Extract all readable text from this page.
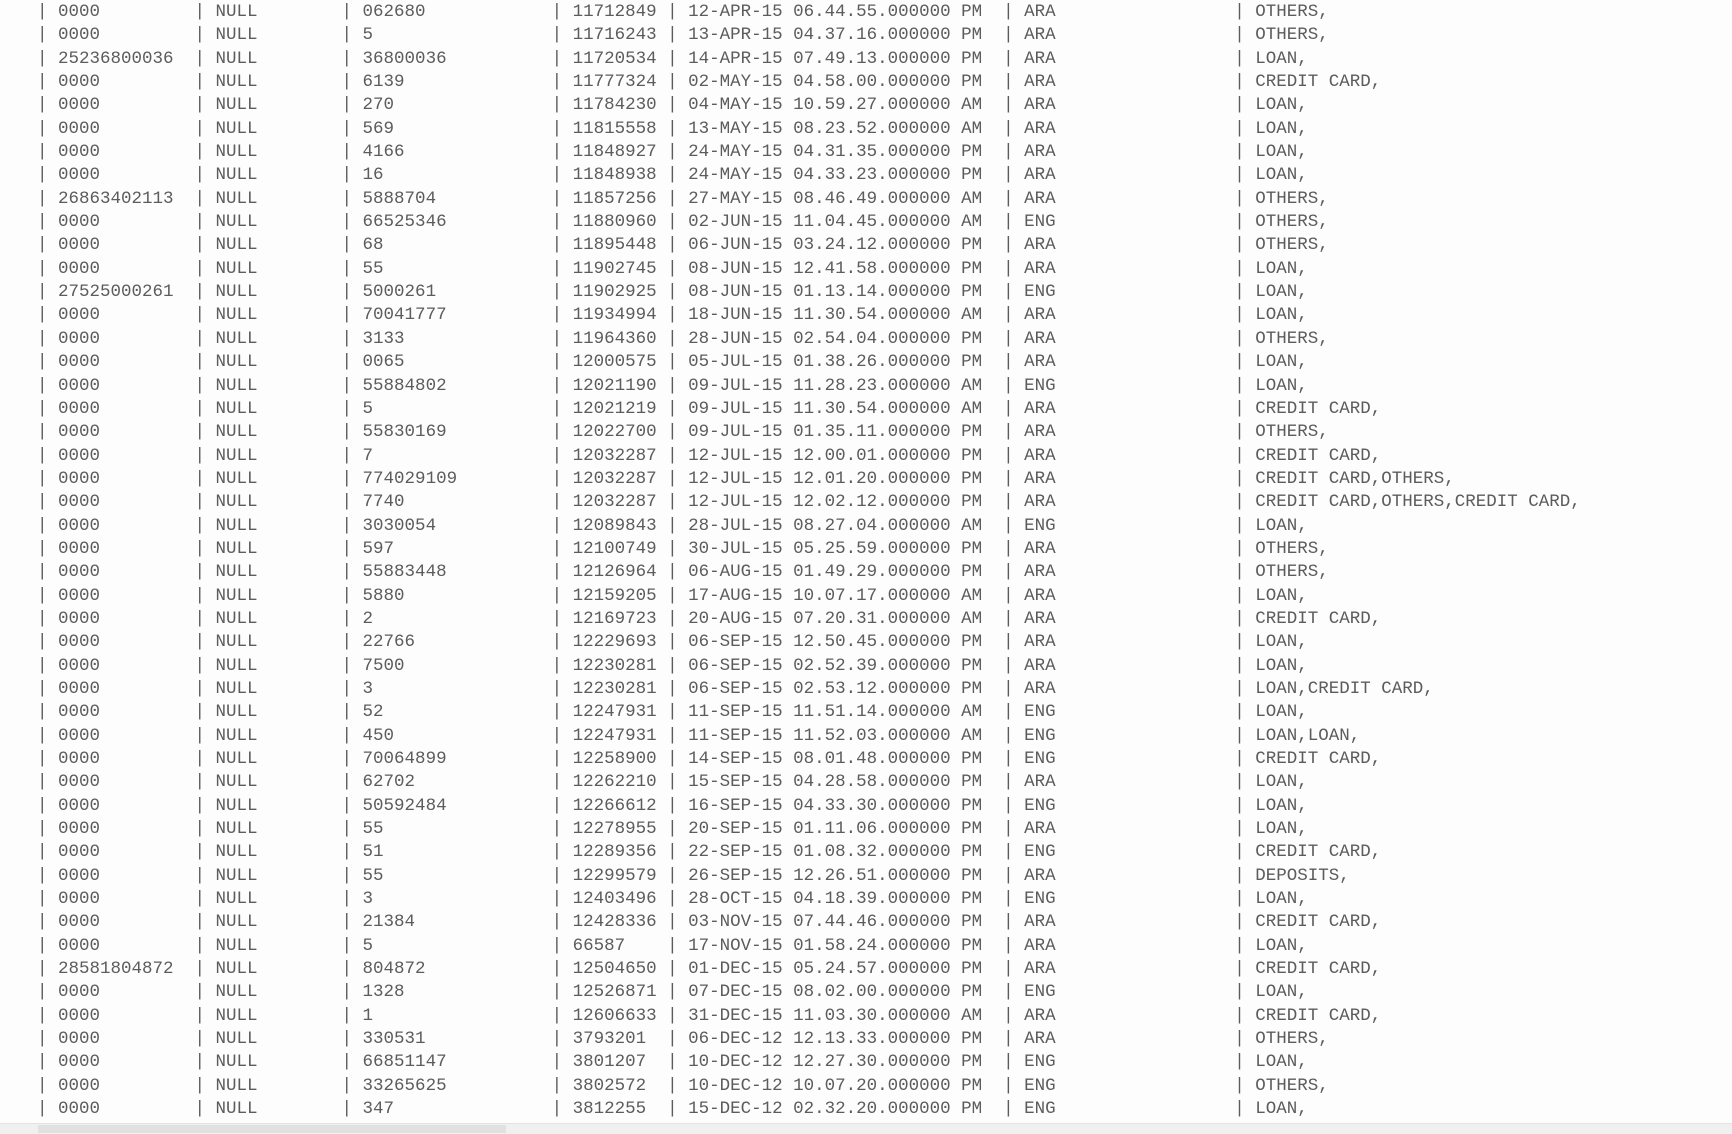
| 0000         | NULL        | 062680            | 11712849 | 12-APR-15 06.44.55.000000 PM  | ARA                 | OTHERS,
| 0000         | NULL        | 5                 | 11716243 | 13-APR-15 04.37.16.000000 PM  | ARA                 | OTHERS,
| 25236800036  | NULL        | 36800036          | 11720534 | 14-APR-15 07.49.13.000000 PM  | ARA                 | LOAN,
| 0000         | NULL        | 6139              | 11777324 | 02-MAY-15 04.58.00.000000 PM  | ARA                 | CREDIT CARD,
| 0000         | NULL        | 270               | 11784230 | 04-MAY-15 10.59.27.000000 AM  | ARA                 | LOAN,
| 0000         | NULL        | 569               | 11815558 | 13-MAY-15 08.23.52.000000 AM  | ARA                 | LOAN,
| 0000         | NULL        | 4166              | 11848927 | 24-MAY-15 04.31.35.000000 PM  | ARA                 | LOAN,
| 0000         | NULL        | 16                | 11848938 | 24-MAY-15 04.33.23.000000 PM  | ARA                 | LOAN,
| 26863402113  | NULL        | 5888704           | 11857256 | 27-MAY-15 08.46.49.000000 AM  | ARA                 | OTHERS,
| 0000         | NULL        | 66525346          | 11880960 | 02-JUN-15 11.04.45.000000 AM  | ENG                 | OTHERS,
| 0000         | NULL        | 68                | 11895448 | 06-JUN-15 03.24.12.000000 PM  | ARA                 | OTHERS,
| 0000         | NULL        | 55                | 11902745 | 08-JUN-15 12.41.58.000000 PM  | ARA                 | LOAN,
| 27525000261  | NULL        | 5000261           | 11902925 | 08-JUN-15 01.13.14.000000 PM  | ENG                 | LOAN,
| 0000         | NULL        | 70041777          | 11934994 | 18-JUN-15 11.30.54.000000 AM  | ARA                 | LOAN,
| 0000         | NULL        | 3133              | 11964360 | 28-JUN-15 02.54.04.000000 PM  | ARA                 | OTHERS,
| 0000         | NULL        | 0065              | 12000575 | 05-JUL-15 01.38.26.000000 PM  | ARA                 | LOAN,
| 0000         | NULL        | 55884802          | 12021190 | 09-JUL-15 11.28.23.000000 AM  | ENG                 | LOAN,
| 0000         | NULL        | 5                 | 12021219 | 09-JUL-15 11.30.54.000000 AM  | ARA                 | CREDIT CARD,
| 0000         | NULL        | 55830169          | 12022700 | 09-JUL-15 01.35.11.000000 PM  | ARA                 | OTHERS,
| 0000         | NULL        | 7                 | 12032287 | 12-JUL-15 12.00.01.000000 PM  | ARA                 | CREDIT CARD,
| 0000         | NULL        | 774029109         | 12032287 | 12-JUL-15 12.01.20.000000 PM  | ARA                 | CREDIT CARD,OTHERS,
| 0000         | NULL        | 7740              | 12032287 | 12-JUL-15 12.02.12.000000 PM  | ARA                 | CREDIT CARD,OTHERS,CREDIT CARD,
| 0000         | NULL        | 3030054           | 12089843 | 28-JUL-15 08.27.04.000000 AM  | ENG                 | LOAN,
| 0000         | NULL        | 597               | 12100749 | 30-JUL-15 05.25.59.000000 PM  | ARA                 | OTHERS,
| 0000         | NULL        | 55883448          | 12126964 | 06-AUG-15 01.49.29.000000 PM  | ARA                 | OTHERS,
| 0000         | NULL        | 5880              | 12159205 | 17-AUG-15 10.07.17.000000 AM  | ARA                 | LOAN,
| 0000         | NULL        | 2                 | 12169723 | 20-AUG-15 07.20.31.000000 AM  | ARA                 | CREDIT CARD,
| 0000         | NULL        | 22766             | 12229693 | 06-SEP-15 12.50.45.000000 PM  | ARA                 | LOAN,
| 0000         | NULL        | 7500              | 12230281 | 06-SEP-15 02.52.39.000000 PM  | ARA                 | LOAN,
| 0000         | NULL        | 3                 | 12230281 | 06-SEP-15 02.53.12.000000 PM  | ARA                 | LOAN,CREDIT CARD,
| 0000         | NULL        | 52                | 12247931 | 11-SEP-15 11.51.14.000000 AM  | ENG                 | LOAN,
| 0000         | NULL        | 450               | 12247931 | 11-SEP-15 11.52.03.000000 AM  | ENG                 | LOAN,LOAN,
| 0000         | NULL        | 70064899          | 12258900 | 14-SEP-15 08.01.48.000000 PM  | ENG                 | CREDIT CARD,
| 0000         | NULL        | 62702             | 12262210 | 15-SEP-15 04.28.58.000000 PM  | ARA                 | LOAN,
| 0000         | NULL        | 50592484          | 12266612 | 16-SEP-15 04.33.30.000000 PM  | ENG                 | LOAN,
| 0000         | NULL        | 55                | 12278955 | 20-SEP-15 01.11.06.000000 PM  | ARA                 | LOAN,
| 0000         | NULL        | 51                | 12289356 | 22-SEP-15 01.08.32.000000 PM  | ENG                 | CREDIT CARD,
| 0000         | NULL        | 55                | 12299579 | 26-SEP-15 12.26.51.000000 PM  | ARA                 | DEPOSITS,
| 0000         | NULL        | 3                 | 12403496 | 28-OCT-15 04.18.39.000000 PM  | ENG                 | LOAN,
| 0000         | NULL        | 21384             | 12428336 | 03-NOV-15 07.44.46.000000 PM  | ARA                 | CREDIT CARD,
| 0000         | NULL        | 5                 | 66587    | 17-NOV-15 01.58.24.000000 PM  | ARA                 | LOAN,
| 28581804872  | NULL        | 804872            | 12504650 | 01-DEC-15 05.24.57.000000 PM  | ARA                 | CREDIT CARD,
| 0000         | NULL        | 1328              | 12526871 | 07-DEC-15 08.02.00.000000 PM  | ENG                 | LOAN,
| 0000         | NULL        | 1                 | 12606633 | 31-DEC-15 11.03.30.000000 AM  | ARA                 | CREDIT CARD,
| 0000         | NULL        | 330531            | 3793201  | 06-DEC-12 12.13.33.000000 PM  | ARA                 | OTHERS,
| 0000         | NULL        | 66851147          | 3801207  | 10-DEC-12 12.27.30.000000 PM  | ENG                 | LOAN,
| 0000         | NULL        | 33265625          | 3802572  | 10-DEC-12 10.07.20.000000 PM  | ENG                 | OTHERS,
| 0000         | NULL        | 347               | 3812255  | 15-DEC-12 02.32.20.000000 PM  | ENG                 | LOAN,
